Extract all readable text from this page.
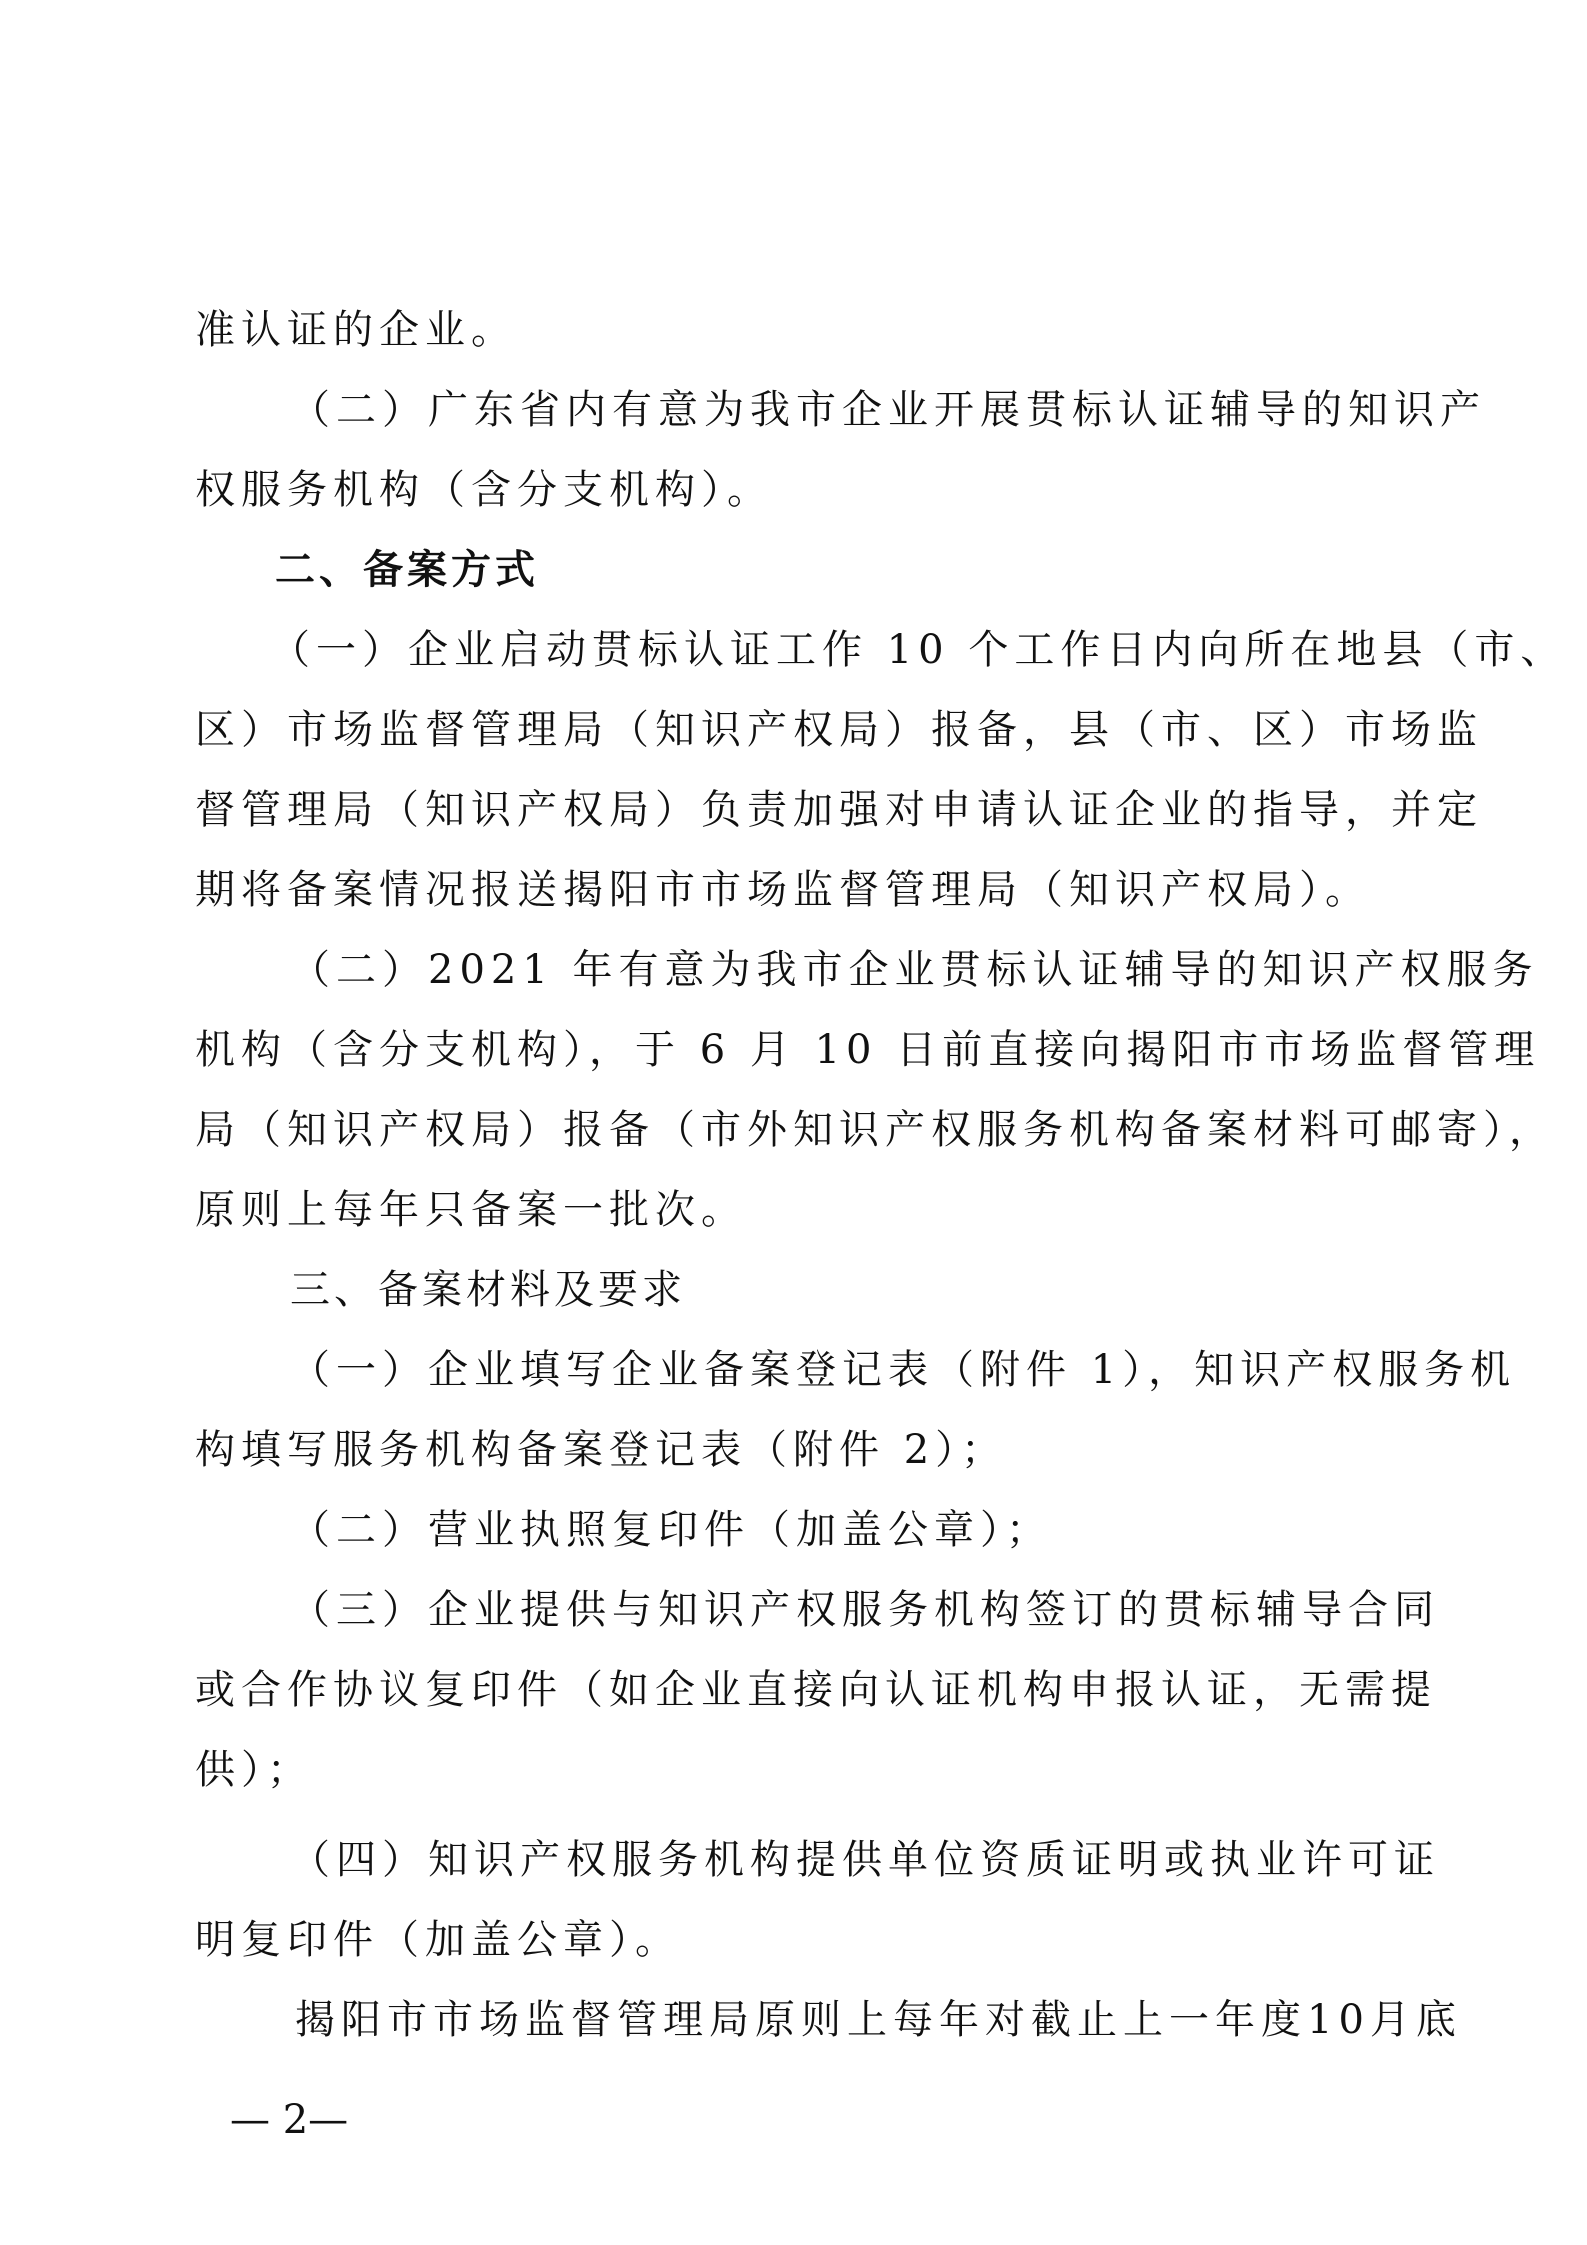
准认证的企业。
（二）广东省内有意为我市企业开展贯标认证辅导的知识产
权服务机构（含分支机构）。
二、备案方式
（一）企业启动贯标认证工作 10 个工作日内向所在地县（市、
区）市场监督管理局（知识产权局）报备，县（市、区）市场监
督管理局（知识产权局）负责加强对申请认证企业的指导，并定
期将备案情况报送揭阳市市场监督管理局（知识产权局）。
（二）2021 年有意为我市企业贯标认证辅导的知识产权服务
机构（含分支机构），于 6 月 10 日前直接向揭阳市市场监督管理
局（知识产权局）报备（市外知识产权服务机构备案材料可邮寄），
原则上每年只备案一批次。
三、备案材料及要求
（一）企业填写企业备案登记表（附件 1），知识产权服务机
构填写服务机构备案登记表（附件 2）；
（二）营业执照复印件（加盖公章）；
（三）企业提供与知识产权服务机构签订的贯标辅导合同
或合作协议复印件（如企业直接向认证机构申报认证，无需提
供）；
（四）知识产权服务机构提供单位资质证明或执业许可证
明复印件（加盖公章）。
揭阳市市场监督管理局原则上每年对截止上一年度10月底
— 2—
